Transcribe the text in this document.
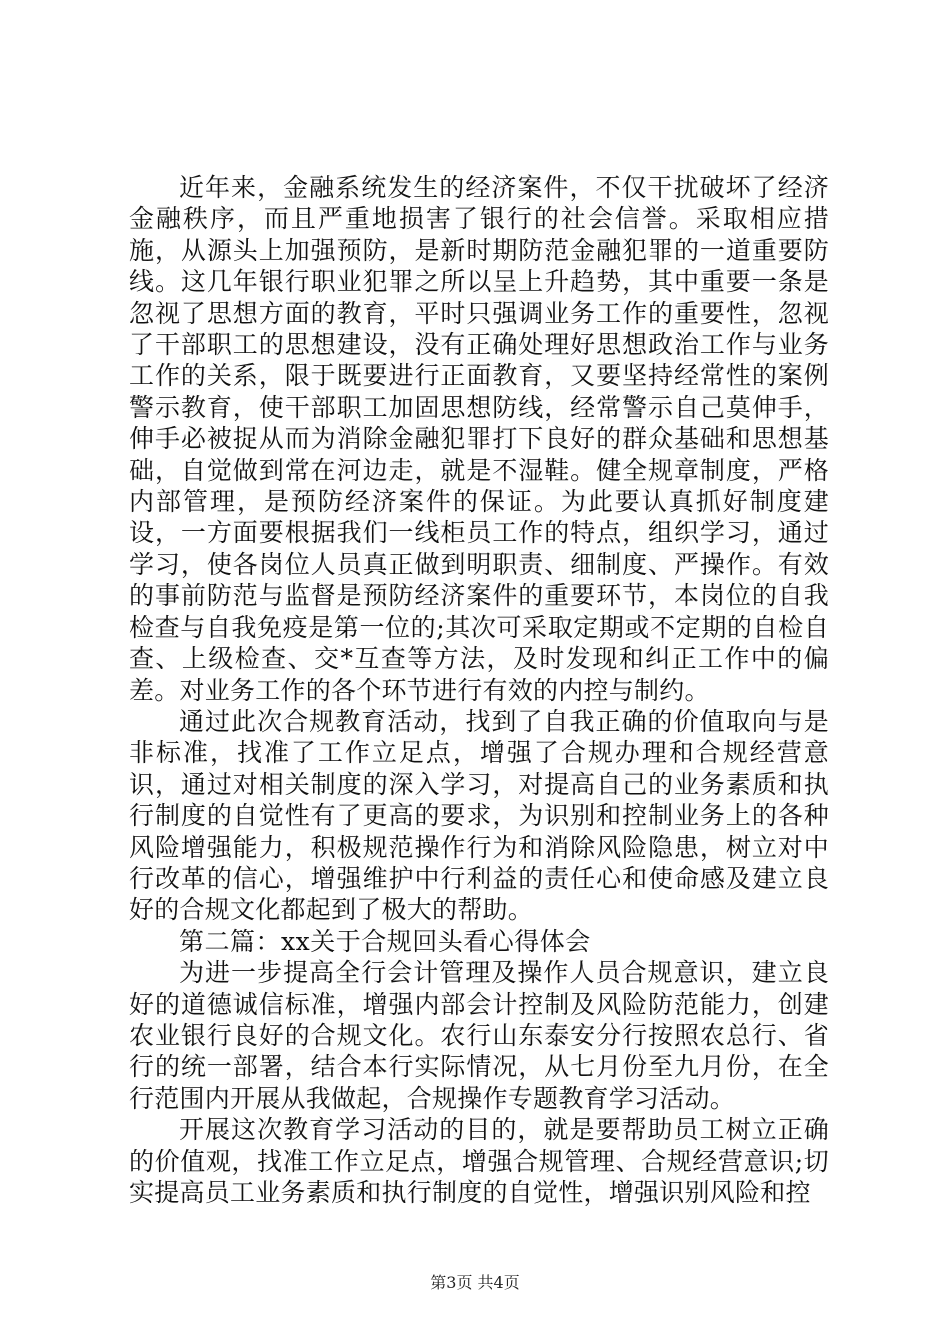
近年来，金融系统发生的经济案件，不仅干扰破坏了经济金融秩序，而且严重地损害了银行的社会信誉。采取相应措施，从源头上加强预防，是新时期防范金融犯罪的一道重要防线。这几年银行职业犯罪之所以呈上升趋势，其中重要一条是忽视了思想方面的教育，平时只强调业务工作的重要性，忽视了干部职工的思想建设，没有正确处理好思想政治工作与业务工作的关系，限于既要进行正面教育，又要坚持经常性的案例警示教育，使干部职工加固思想防线，经常警示自己莫伸手，伸手必被捉从而为消除金融犯罪打下良好的群众基础和思想基础，自觉做到常在河边走，就是不湿鞋。健全规章制度，严格内部管理，是预防经济案件的保证。为此要认真抓好制度建设，一方面要根据我们一线柜员工作的特点，组织学习，通过学习，使各岗位人员真正做到明职责、细制度、严操作。有效的事前防范与监督是预防经济案件的重要环节，本岗位的自我检查与自我免疫是第一位的;其次可采取定期或不定期的自检自查、上级检查、交*互查等方法，及时发现和纠正工作中的偏差。对业务工作的各个环节进行有效的内控与制约。

通过此次合规教育活动，找到了自我正确的价值取向与是非标准，找准了工作立足点，增强了合规办理和合规经营意识，通过对相关制度的深入学习，对提高自己的业务素质和执行制度的自觉性有了更高的要求，为识别和控制业务上的各种风险增强能力，积极规范操作行为和消除风险隐患，树立对中行改革的信心，增强维护中行利益的责任心和使命感及建立良好的合规文化都起到了极大的帮助。

第二篇：xx关于合规回头看心得体会

为进一步提高全行会计管理及操作人员合规意识，建立良好的道德诚信标准，增强内部会计控制及风险防范能力，创建农业银行良好的合规文化。农行山东泰安分行按照农总行、省行的统一部署，结合本行实际情况，从七月份至九月份，在全行范围内开展从我做起，合规操作专题教育学习活动。

开展这次教育学习活动的目的，就是要帮助员工树立正确的价值观，找准工作立足点，增强合规管理、合规经营意识;切实提高员工业务素质和执行制度的自觉性，增强识别风险和控

第3页 共4页
